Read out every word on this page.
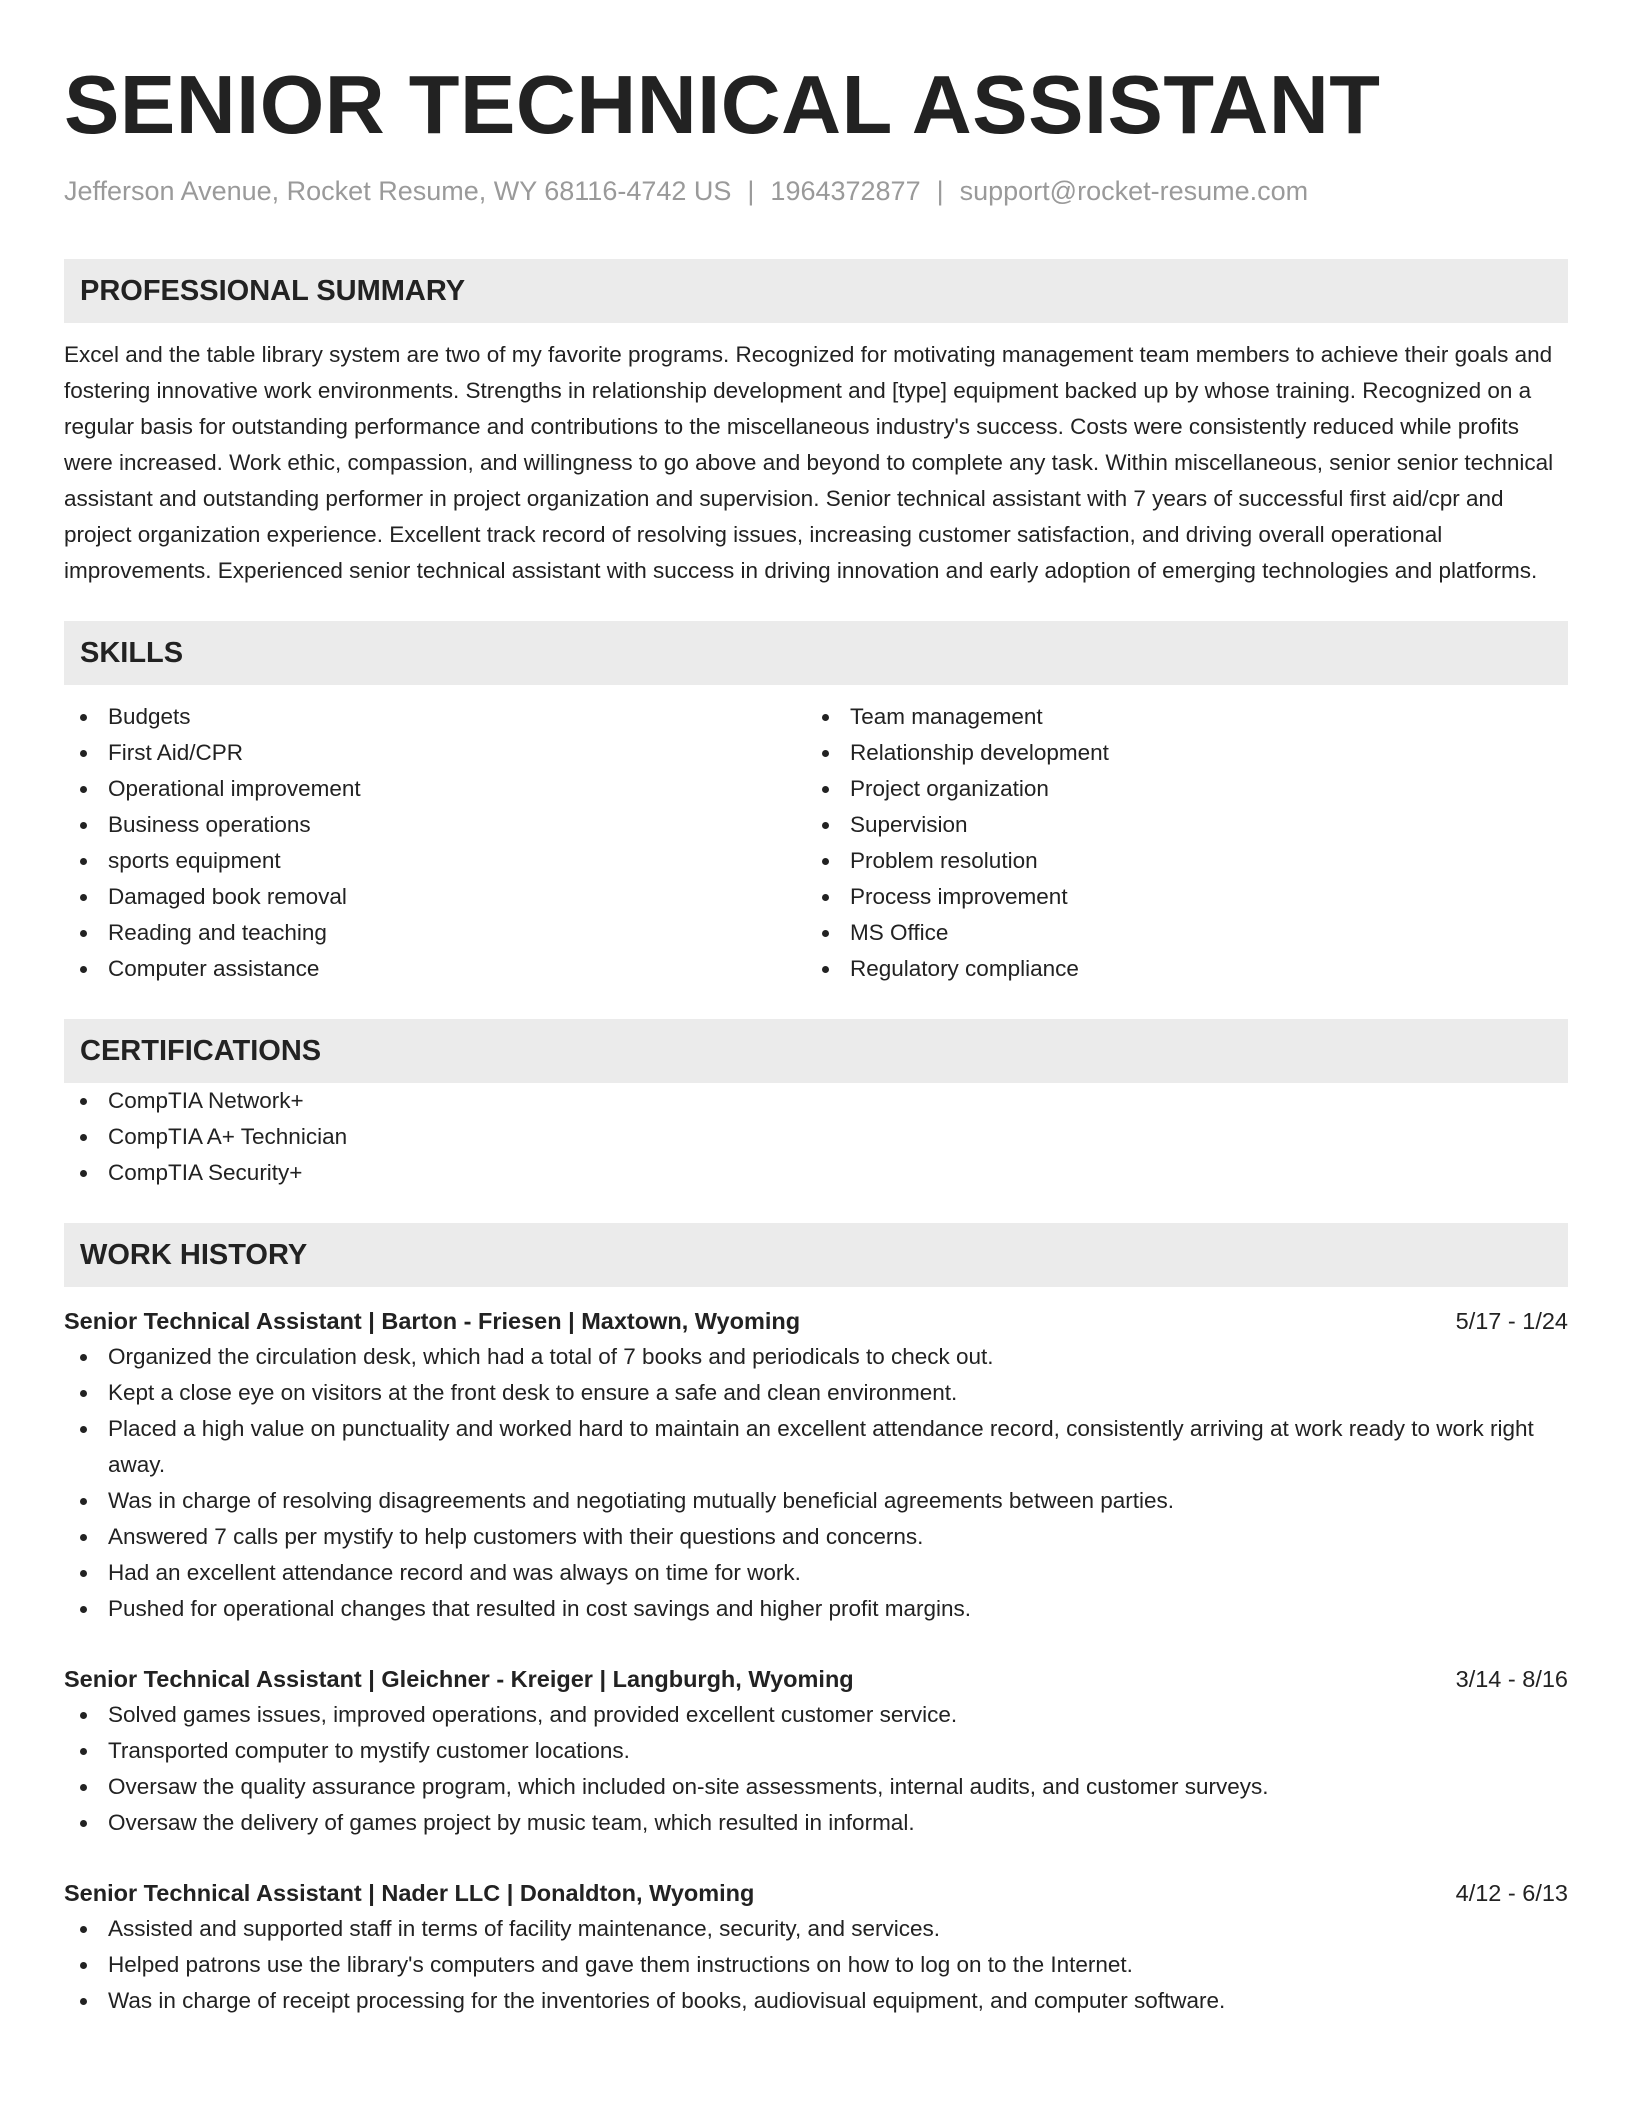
SENIOR TECHNICAL ASSISTANT
Jefferson Avenue, Rocket Resume, WY 68116-4742 US | 1964372877 | support@rocket-resume.com
PROFESSIONAL SUMMARY
Excel and the table library system are two of my favorite programs. Recognized for motivating management team members to achieve their goals and fostering innovative work environments. Strengths in relationship development and [type] equipment backed up by whose training. Recognized on a regular basis for outstanding performance and contributions to the miscellaneous industry's success. Costs were consistently reduced while profits were increased. Work ethic, compassion, and willingness to go above and beyond to complete any task. Within miscellaneous, senior senior technical assistant and outstanding performer in project organization and supervision. Senior technical assistant with 7 years of successful first aid/cpr and project organization experience. Excellent track record of resolving issues, increasing customer satisfaction, and driving overall operational improvements. Experienced senior technical assistant with success in driving innovation and early adoption of emerging technologies and platforms.
SKILLS
Budgets
First Aid/CPR
Operational improvement
Business operations
sports equipment
Damaged book removal
Reading and teaching
Computer assistance
Team management
Relationship development
Project organization
Supervision
Problem resolution
Process improvement
MS Office
Regulatory compliance
CERTIFICATIONS
CompTIA Network+
CompTIA A+ Technician
CompTIA Security+
WORK HISTORY
Senior Technical Assistant | Barton - Friesen | Maxtown, Wyoming	5/17 - 1/24
Organized the circulation desk, which had a total of 7 books and periodicals to check out.
Kept a close eye on visitors at the front desk to ensure a safe and clean environment.
Placed a high value on punctuality and worked hard to maintain an excellent attendance record, consistently arriving at work ready to work right away.
Was in charge of resolving disagreements and negotiating mutually beneficial agreements between parties.
Answered 7 calls per mystify to help customers with their questions and concerns.
Had an excellent attendance record and was always on time for work.
Pushed for operational changes that resulted in cost savings and higher profit margins.
Senior Technical Assistant | Gleichner - Kreiger | Langburgh, Wyoming	3/14 - 8/16
Solved games issues, improved operations, and provided excellent customer service.
Transported computer to mystify customer locations.
Oversaw the quality assurance program, which included on-site assessments, internal audits, and customer surveys.
Oversaw the delivery of games project by music team, which resulted in informal.
Senior Technical Assistant | Nader LLC | Donaldton, Wyoming	4/12 - 6/13
Assisted and supported staff in terms of facility maintenance, security, and services.
Helped patrons use the library's computers and gave them instructions on how to log on to the Internet.
Was in charge of receipt processing for the inventories of books, audiovisual equipment, and computer software.
